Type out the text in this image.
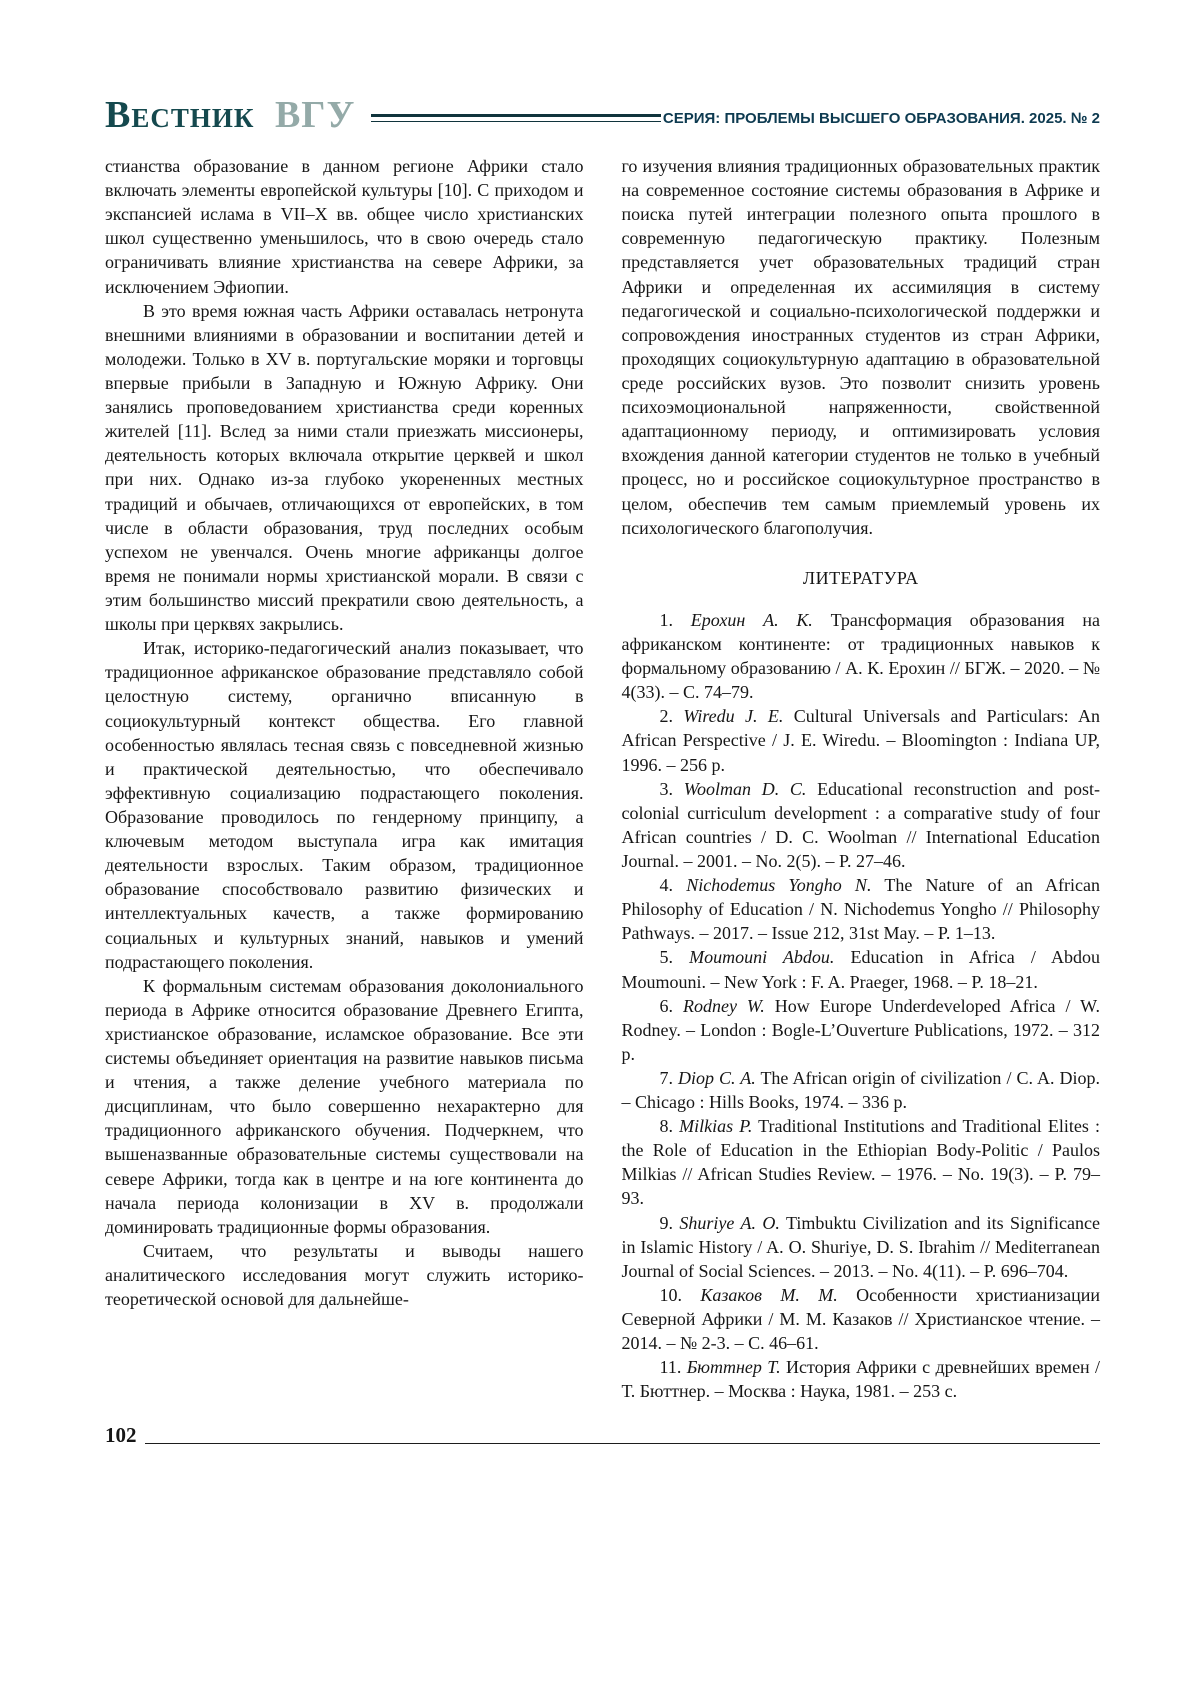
Вестник ВГУ	СЕРИЯ: ПРОБЛЕМЫ ВЫСШЕГО ОБРАЗОВАНИЯ. 2025. № 2

стианства образование в данном регионе Африки стало включать элементы европейской культуры [10]. С приходом и экспансией ислама в VII–X вв. общее число христианских школ существенно уменьшилось, что в свою очередь стало ограничивать влияние христианства на севере Африки, за исключением Эфиопии.

В это время южная часть Африки оставалась нетронута внешними влияниями в образовании и воспитании детей и молодежи. Только в XV в. португальские моряки и торговцы впервые прибыли в Западную и Южную Африку. Они занялись проповедованием христианства среди коренных жителей [11]. Вслед за ними стали приезжать миссионеры, деятельность которых включала открытие церквей и школ при них. Однако из-за глубоко укорененных местных традиций и обычаев, отличающихся от европейских, в том числе в области образования, труд последних особым успехом не увенчался. Очень многие африканцы долгое время не понимали нормы христианской морали. В связи с этим большинство миссий прекратили свою деятельность, а школы при церквях закрылись.

Итак, историко-педагогический анализ показывает, что традиционное африканское образование представляло собой целостную систему, органично вписанную в социокультурный контекст общества. Его главной особенностью являлась тесная связь с повседневной жизнью и практической деятельностью, что обеспечивало эффективную социализацию подрастающего поколения. Образование проводилось по гендерному принципу, а ключевым методом выступала игра как имитация деятельности взрослых. Таким образом, традиционное образование способствовало развитию физических и интеллектуальных качеств, а также формированию социальных и культурных знаний, навыков и умений подрастающего поколения.

К формальным системам образования доколониального периода в Африке относится образование Древнего Египта, христианское образование, исламское образование. Все эти системы объединяет ориентация на развитие навыков письма и чтения, а также деление учебного материала по дисциплинам, что было совершенно нехарактерно для традиционного африканского обучения. Подчеркнем, что вышеназванные образовательные системы существовали на севере Африки, тогда как в центре и на юге континента до начала периода колонизации в XV в. продолжали доминировать традиционные формы образования.

Считаем, что результаты и выводы нашего аналитического исследования могут служить историко-теоретической основой для дальнейше-

го изучения влияния традиционных образовательных практик на современное состояние системы образования в Африке и поиска путей интеграции полезного опыта прошлого в современную педагогическую практику. Полезным представляется учет образовательных традиций стран Африки и определенная их ассимиляция в систему педагогической и социально-психологической поддержки и сопровождения иностранных студентов из стран Африки, проходящих социокультурную адаптацию в образовательной среде российских вузов. Это позволит снизить уровень психоэмоциональной напряженности, свойственной адаптационному периоду, и оптимизировать условия вхождения данной категории студентов не только в учебный процесс, но и российское социокультурное пространство в целом, обеспечив тем самым приемлемый уровень их психологического благополучия.

ЛИТЕРАТУРА

1. Ерохин А. К. Трансформация образования на африканском континенте: от традиционных навыков к формальному образованию / А. К. Ерохин // БГЖ. – 2020. – № 4(33). – С. 74–79.

2. Wiredu J. E. Cultural Universals and Particulars: An African Perspective / J. E. Wiredu. – Bloomington : Indiana UP, 1996. – 256 p.

3. Woolman D. C. Educational reconstruction and post-colonial curriculum development : a comparative study of four African countries / D. C. Woolman // International Education Journal. – 2001. – No. 2(5). – P. 27–46.

4. Nichodemus Yongho N. The Nature of an African Philosophy of Education / N. Nichodemus Yongho // Philosophy Pathways. – 2017. – Issue 212, 31st May. – P. 1–13.

5. Moumouni Abdou. Education in Africa / Abdou Moumouni. – New York : F. A. Praeger, 1968. – P. 18–21.

6. Rodney W. How Europe Underdeveloped Africa / W. Rodney. – London : Bogle-L’Ouverture Publications, 1972. – 312 p.

7. Diop C. A. The African origin of civilization / C. A. Diop. – Chicago : Hills Books, 1974. – 336 p.

8. Milkias P. Traditional Institutions and Traditional Elites : the Role of Education in the Ethiopian Body-Politic / Paulos Milkias // African Studies Review. – 1976. – No. 19(3). – P. 79–93.

9. Shuriye A. O. Timbuktu Civilization and its Significance in Islamic History / A. O. Shuriye, D. S. Ibrahim // Mediterranean Journal of Social Sciences. – 2013. – No. 4(11). – P. 696–704.

10. Казаков М. М. Особенности христианизации Северной Африки / М. М. Казаков // Христианское чтение. – 2014. – № 2-3. – С. 46–61.

11. Бюттнер Т. История Африки с древнейших времен / Т. Бюттнер. – Москва : Наука, 1981. – 253 с.

102
